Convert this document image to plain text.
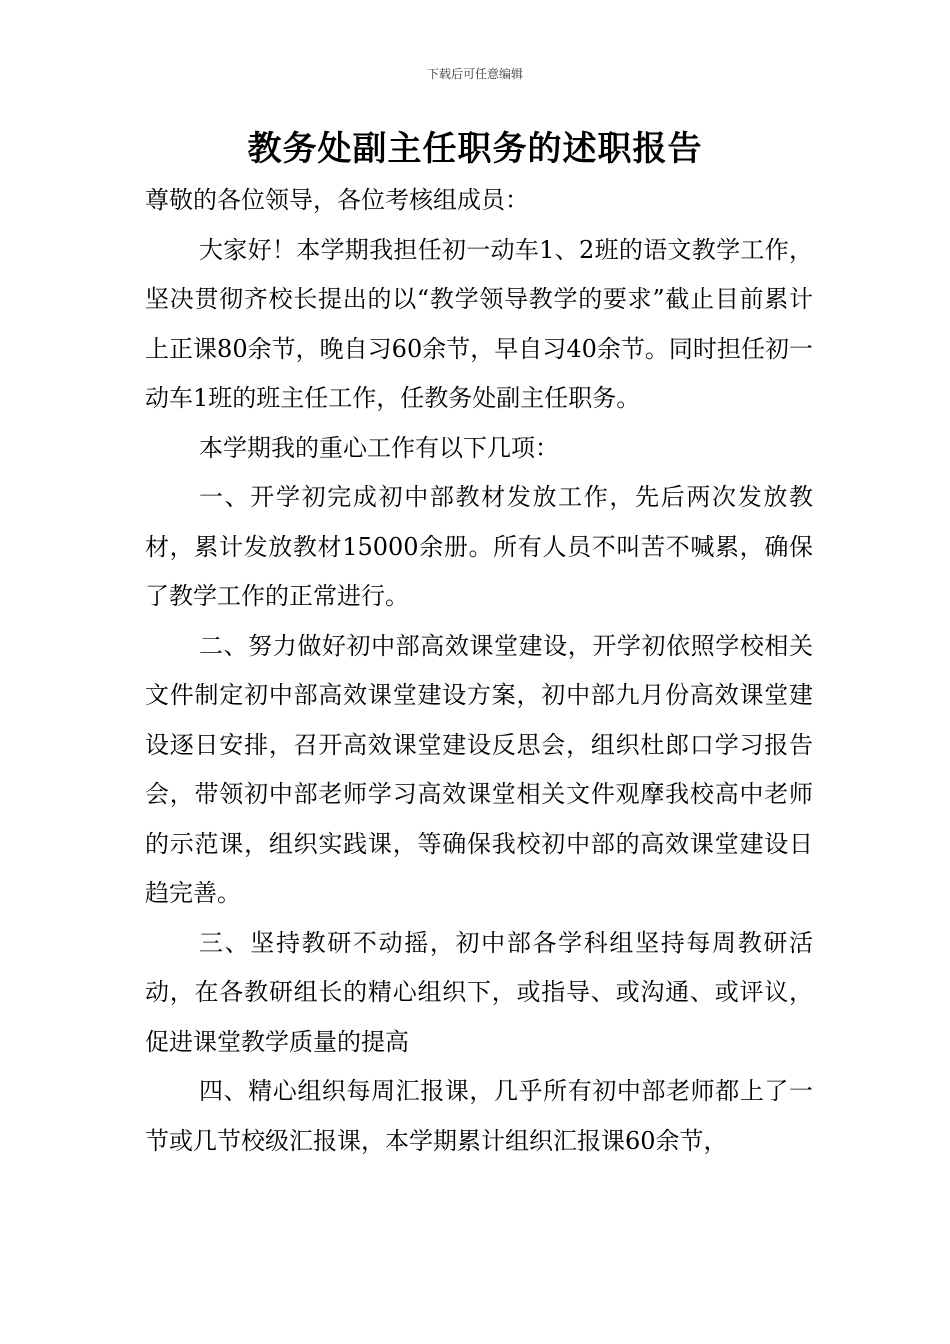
下载后可任意编辑
教务处副主任职务的述职报告

尊敬的各位领导，各位考核组成员：

大家好！本学期我担任初一动车1、2班的语文教学工作，坚决贯彻齐校长提出的以“教学领导教学的要求”截止目前累计上正课80余节，晚自习60余节，早自习40余节。同时担任初一动车1班的班主任工作，任教务处副主任职务。

本学期我的重心工作有以下几项：

一、开学初完成初中部教材发放工作，先后两次发放教材，累计发放教材15000余册。所有人员不叫苦不喊累，确保了教学工作的正常进行。

二、努力做好初中部高效课堂建设，开学初依照学校相关文件制定初中部高效课堂建设方案，初中部九月份高效课堂建设逐日安排，召开高效课堂建设反思会，组织杜郎口学习报告会，带领初中部老师学习高效课堂相关文件观摩我校高中老师的示范课，组织实践课，等确保我校初中部的高效课堂建设日趋完善。

三、坚持教研不动摇，初中部各学科组坚持每周教研活动，在各教研组长的精心组织下，或指导、或沟通、或评议，促进课堂教学质量的提高

四、精心组织每周汇报课，几乎所有初中部老师都上了一节或几节校级汇报课，本学期累计组织汇报课60余节，
